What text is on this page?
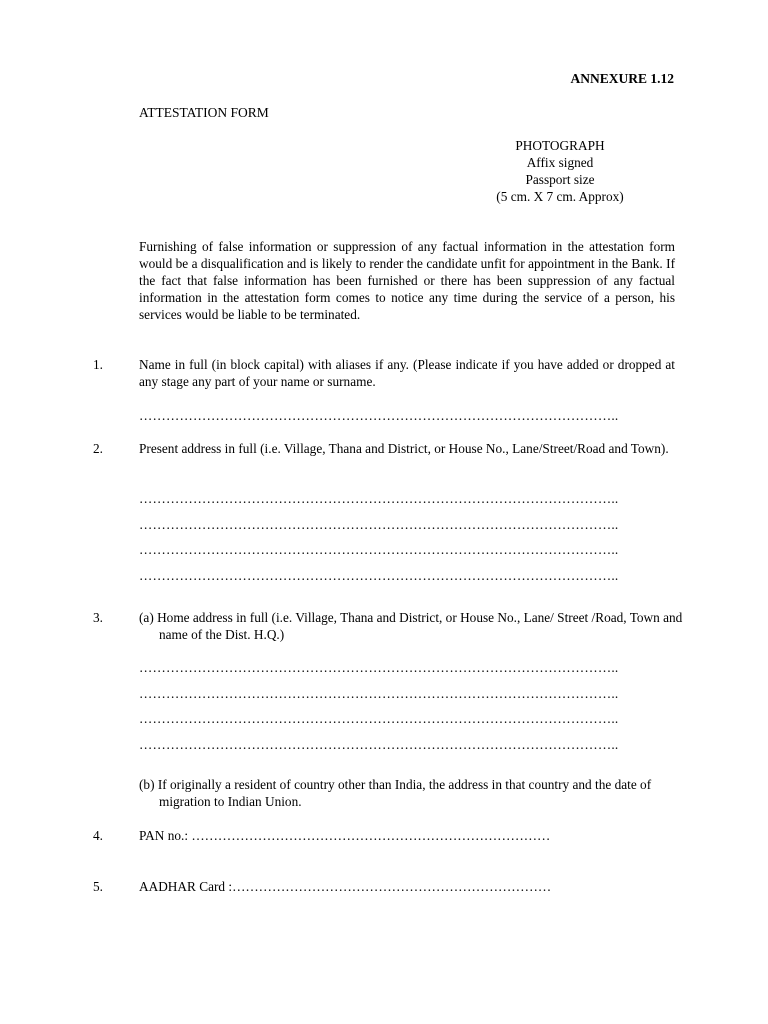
ANNEXURE 1.12
ATTESTATION FORM
PHOTOGRAPH
Affix signed
Passport size
(5 cm. X 7 cm. Approx)
Furnishing of false information or suppression of any factual information in the attestation form would be a disqualification and is likely to render the candidate unfit for appointment in the Bank. If the fact that false information has been furnished or there has been suppression of any factual information in the attestation form comes to notice any time during the service of a person, his services would be liable to be terminated.
1.	Name in full (in block capital) with aliases if any. (Please indicate if you have added or dropped at any stage any part of your name or surname.
……………………………………………………………………………………………..
2.	Present address in full (i.e. Village, Thana and District, or House No., Lane/Street/Road and Town).
……………………………………………………………………………………………..
……………………………………………………………………………………………..
……………………………………………………………………………………………..
……………………………………………………………………………………………..
3.	(a) Home address in full (i.e. Village, Thana and District, or House No., Lane/ Street /Road, Town and name of the Dist. H.Q.)
……………………………………………………………………………………………..
……………………………………………………………………………………………..
……………………………………………………………………………………………..
……………………………………………………………………………………………..
(b) If originally a resident of country other than India, the address in that country and the date of migration to Indian Union.
4.	PAN no.: ………………………………………………………………………
5.	AADHAR Card :………………………………………………………………
